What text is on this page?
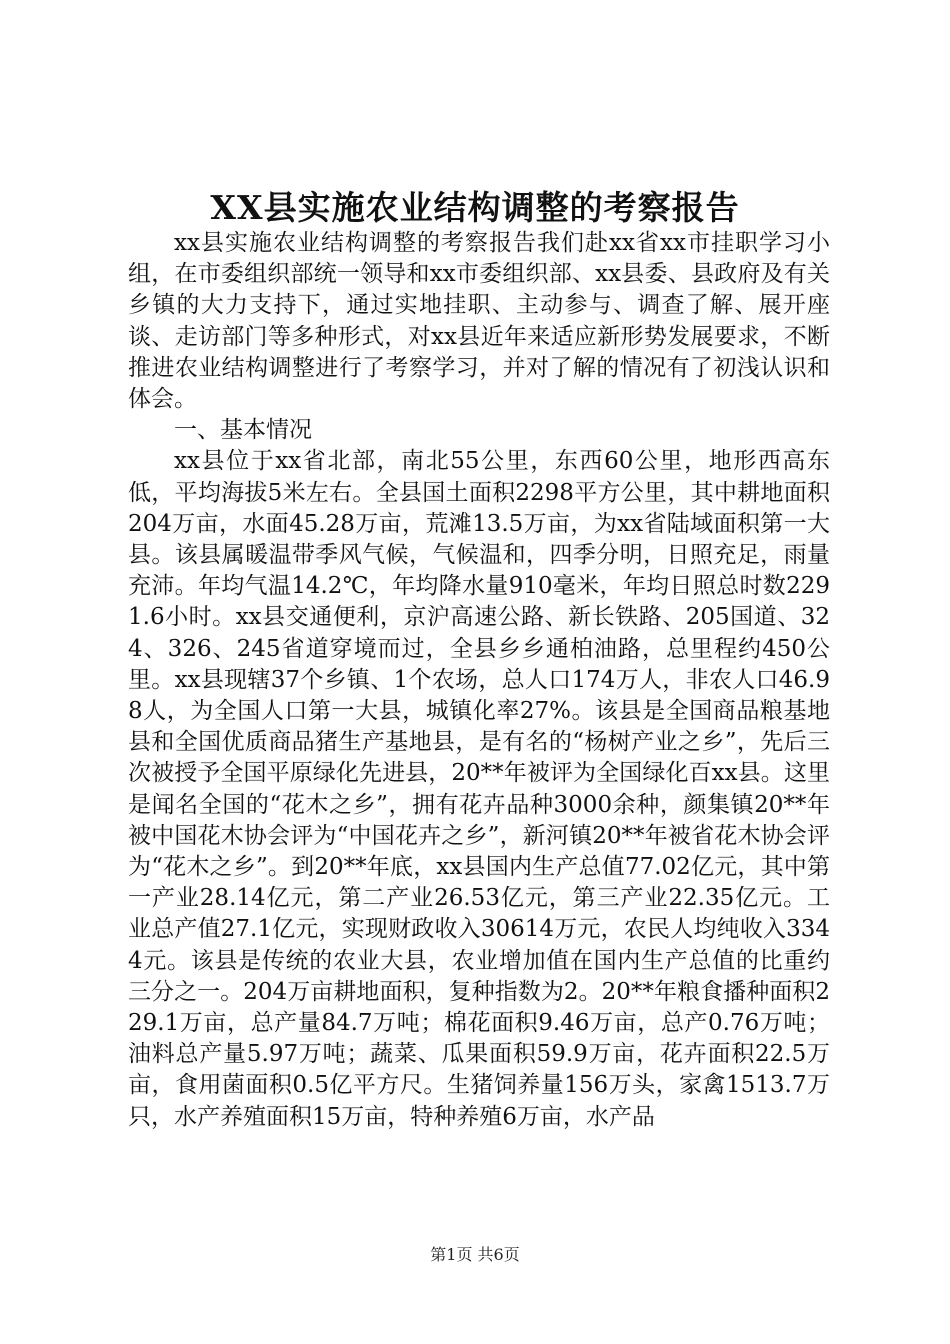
XX县实施农业结构调整的考察报告

xx县实施农业结构调整的考察报告我们赴xx省xx市挂职学习小组，在市委组织部统一领导和xx市委组织部、xx县委、县政府及有关乡镇的大力支持下，通过实地挂职、主动参与、调查了解、展开座谈、走访部门等多种形式，对xx县近年来适应新形势发展要求，不断推进农业结构调整进行了考察学习，并对了解的情况有了初浅认识和体会。

一、基本情况

xx县位于xx省北部，南北55公里，东西60公里，地形西高东低，平均海拔5米左右。全县国土面积2298平方公里，其中耕地面积204万亩，水面45.28万亩，荒滩13.5万亩，为xx省陆域面积第一大县。该县属暖温带季风气候，气候温和，四季分明，日照充足，雨量充沛。年均气温14.2℃，年均降水量910毫米，年均日照总时数2291.6小时。xx县交通便利，京沪高速公路、新长铁路、205国道、324、326、245省道穿境而过，全县乡乡通柏油路，总里程约450公里。xx县现辖37个乡镇、1个农场，总人口174万人，非农人口46.98人，为全国人口第一大县，城镇化率27%。该县是全国商品粮基地县和全国优质商品猪生产基地县，是有名的“杨树产业之乡”，先后三次被授予全国平原绿化先进县，20**年被评为全国绿化百xx县。这里是闻名全国的“花木之乡”，拥有花卉品种3000余种，颜集镇20**年被中国花木协会评为“中国花卉之乡”，新河镇20**年被省花木协会评为“花木之乡”。到20**年底，xx县国内生产总值77.02亿元，其中第一产业28.14亿元，第二产业26.53亿元，第三产业22.35亿元。工业总产值27.1亿元，实现财政收入30614万元，农民人均纯收入3344元。该县是传统的农业大县，农业增加值在国内生产总值的比重约三分之一。204万亩耕地面积，复种指数为2。20**年粮食播种面积229.1万亩，总产量84.7万吨；棉花面积9.46万亩，总产0.76万吨；油料总产量5.97万吨；蔬菜、瓜果面积59.9万亩，花卉面积22.5万亩，食用菌面积0.5亿平方尺。生猪饲养量156万头，家禽1513.7万只，水产养殖面积15万亩，特种养殖6万亩，水产品

第1页 共6页
